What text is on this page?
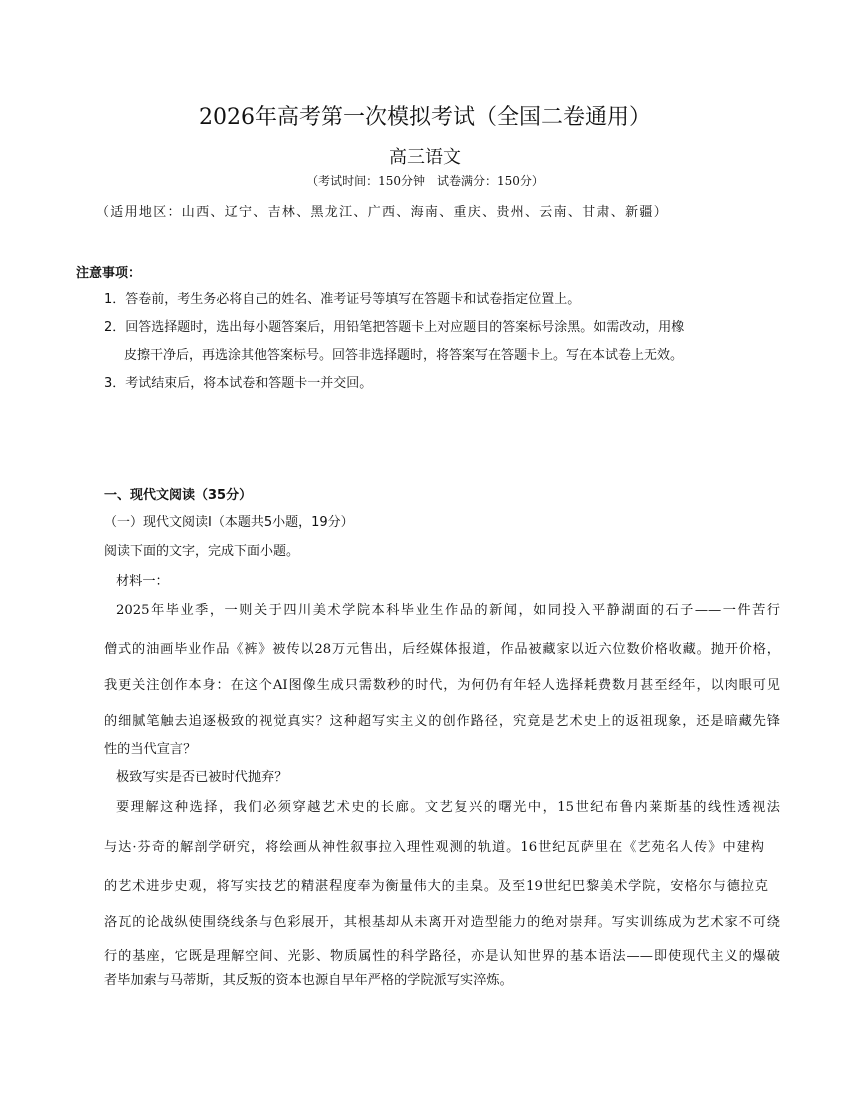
2026年高考第一次模拟考试（全国二卷通用）
高三语文
（考试时间：150分钟　试卷满分：150分）
（适用地区：山西、辽宁、吉林、黑龙江、广西、海南、重庆、贵州、云南、甘肃、新疆）
注意事项：
1．答卷前，考生务必将自己的姓名、准考证号等填写在答题卡和试卷指定位置上。
2．回答选择题时，选出每小题答案后，用铅笔把答题卡上对应题目的答案标号涂黑。如需改动，用橡
皮擦干净后，再选涂其他答案标号。回答非选择题时，将答案写在答题卡上。写在本试卷上无效。
3．考试结束后，将本试卷和答题卡一并交回。
一、现代文阅读（35分）
（一）现代文阅读Ⅰ（本题共5小题，19分）
阅读下面的文字，完成下面小题。
材料一：
2025年毕业季，一则关于四川美术学院本科毕业生作品的新闻，如同投入平静湖面的石子——一件苦行
僧式的油画毕业作品《裤》被传以28万元售出，后经媒体报道，作品被藏家以近六位数价格收藏。抛开价格，
我更关注创作本身：在这个AI图像生成只需数秒的时代，为何仍有年轻人选择耗费数月甚至经年，以肉眼可见
的细腻笔触去追逐极致的视觉真实？这种超写实主义的创作路径，究竟是艺术史上的返祖现象，还是暗藏先锋
性的当代宣言？
极致写实是否已被时代抛弃？
要理解这种选择，我们必须穿越艺术史的长廊。文艺复兴的曙光中，15世纪布鲁内莱斯基的线性透视法
与达·芬奇的解剖学研究，将绘画从神性叙事拉入理性观测的轨道。16世纪瓦萨里在《艺苑名人传》中建构
的艺术进步史观，将写实技艺的精湛程度奉为衡量伟大的圭臬。及至19世纪巴黎美术学院，安格尔与德拉克
洛瓦的论战纵使围绕线条与色彩展开，其根基却从未离开对造型能力的绝对崇拜。写实训练成为艺术家不可绕
行的基座，它既是理解空间、光影、物质属性的科学路径，亦是认知世界的基本语法——即使现代主义的爆破
者毕加索与马蒂斯，其反叛的资本也源自早年严格的学院派写实淬炼。
